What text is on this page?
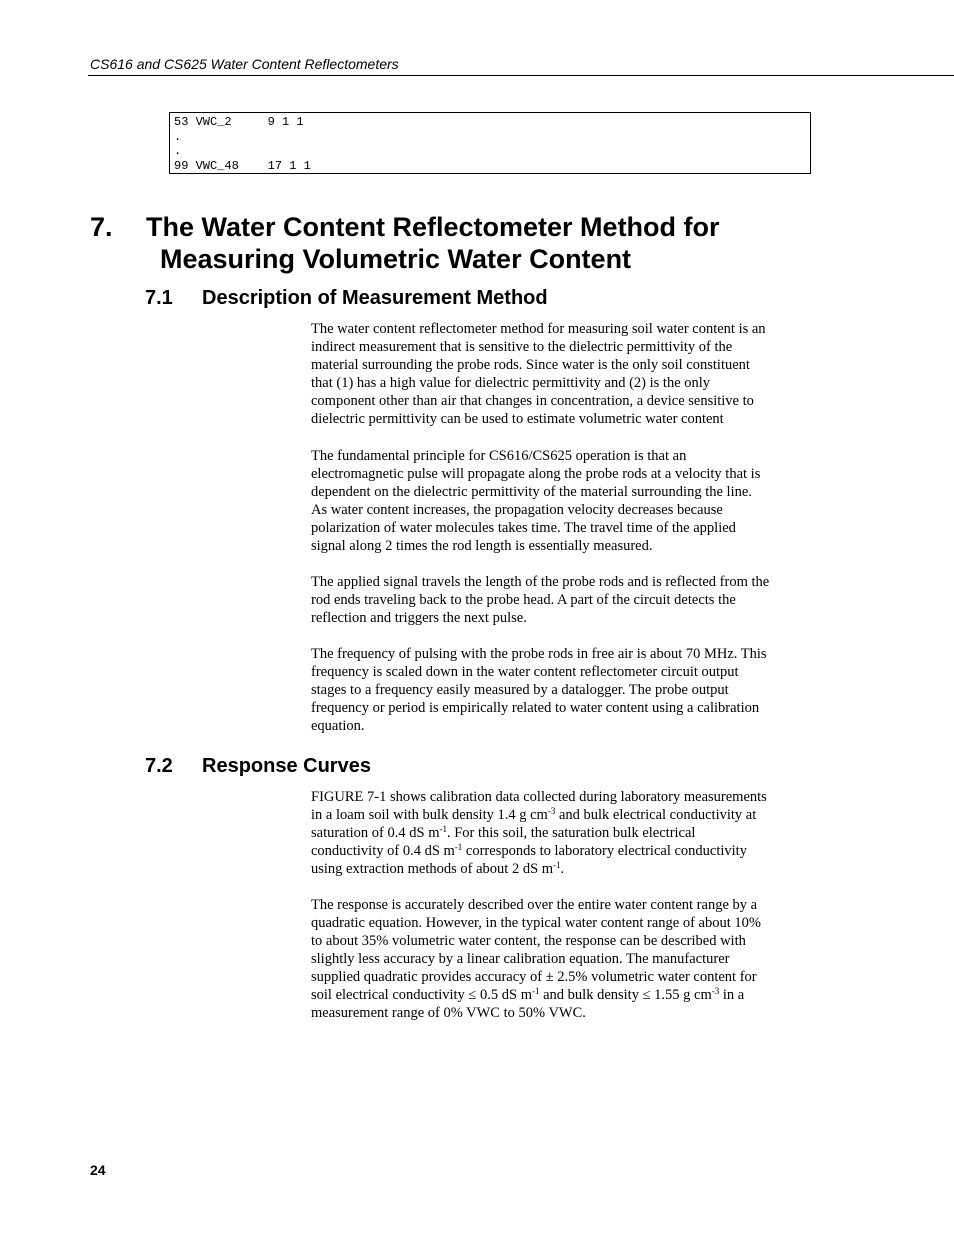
CS616 and CS625 Water Content Reflectometers
53 VWC_2     9 1 1
.
.
99 VWC_48    17 1 1
7. The Water Content Reflectometer Method for
Measuring Volumetric Water Content
7.1 Description of Measurement Method
The water content reflectometer method for measuring soil water content is an
indirect measurement that is sensitive to the dielectric permittivity of the
material surrounding the probe rods. Since water is the only soil constituent
that (1) has a high value for dielectric permittivity and (2) is the only
component other than air that changes in concentration, a device sensitive to
dielectric permittivity can be used to estimate volumetric water content
The fundamental principle for CS616/CS625 operation is that an
electromagnetic pulse will propagate along the probe rods at a velocity that is
dependent on the dielectric permittivity of the material surrounding the line.
As water content increases, the propagation velocity decreases because
polarization of water molecules takes time. The travel time of the applied
signal along 2 times the rod length is essentially measured.
The applied signal travels the length of the probe rods and is reflected from the
rod ends traveling back to the probe head. A part of the circuit detects the
reflection and triggers the next pulse.
The frequency of pulsing with the probe rods in free air is about 70 MHz. This
frequency is scaled down in the water content reflectometer circuit output
stages to a frequency easily measured by a datalogger. The probe output
frequency or period is empirically related to water content using a calibration
equation.
7.2 Response Curves
FIGURE 7-1 shows calibration data collected during laboratory measurements
in a loam soil with bulk density 1.4 g $cm^{-3}$ and bulk electrical conductivity at
saturation of 0.4 dS $m^{-1}$. For this soil, the saturation bulk electrical
conductivity of 0.4 dS $m^{-1}$ corresponds to laboratory electrical conductivity
using extraction methods of about 2 dS $m^{-1}$.
The response is accurately described over the entire water content range by a
quadratic equation. However, in the typical water content range of about 10%
to about 35% volumetric water content, the response can be described with
slightly less accuracy by a linear calibration equation. The manufacturer
supplied quadratic provides accuracy of ± 2.5% volumetric water content for
soil electrical conductivity ≤ 0.5 dS $m^{-1}$ and bulk density ≤ 1.55 g $cm^{-3}$ in a
measurement range of 0% VWC to 50% VWC.
24
